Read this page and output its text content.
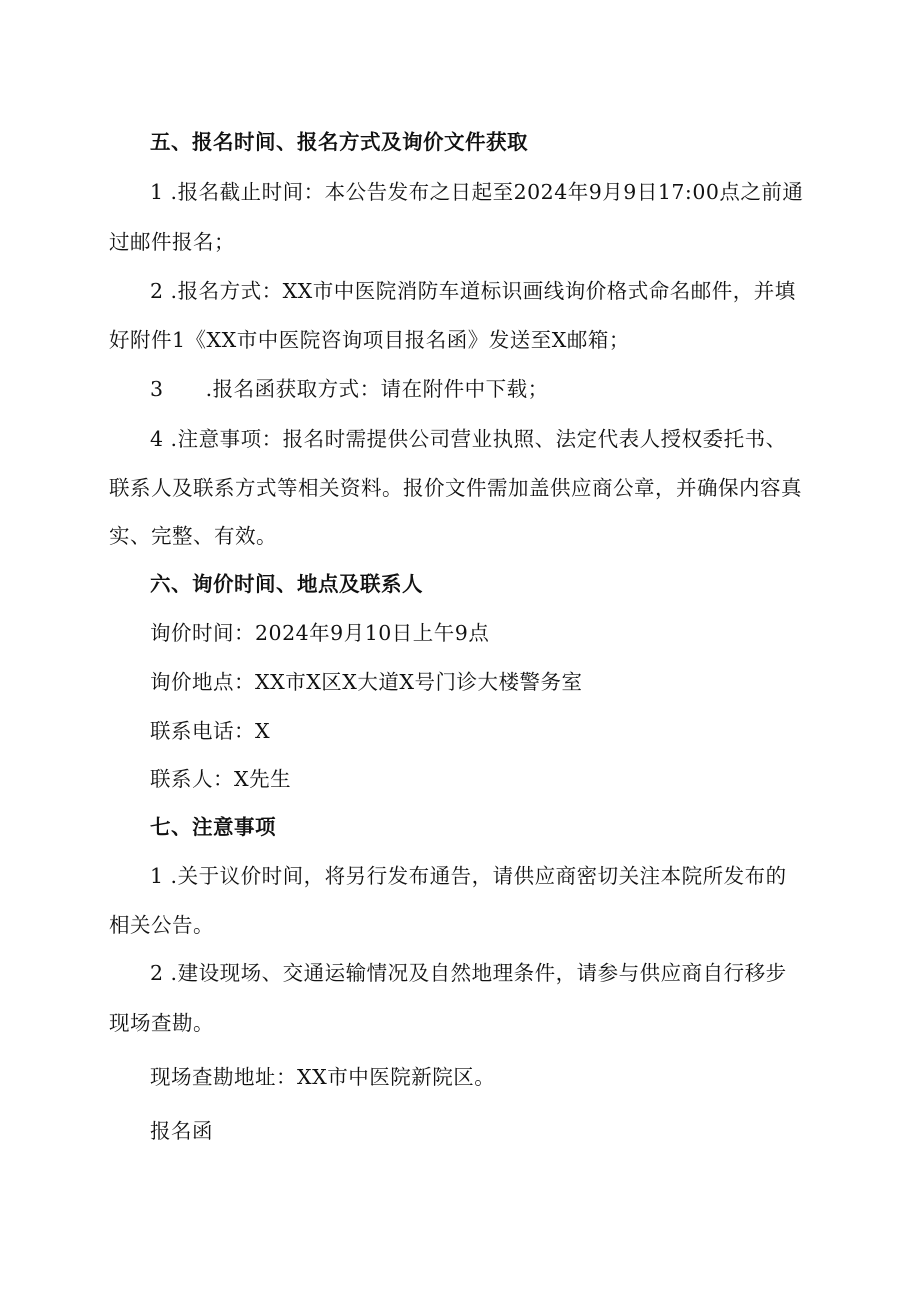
五、报名时间、报名方式及询价文件获取
1 .报名截止时间：本公告发布之日起至2024年9月9日17:00点之前通
过邮件报名；
2 .报名方式：XX市中医院消防车道标识画线询价格式命名邮件，并填
好附件1《XX市中医院咨询项目报名函》发送至X邮箱；
3      .报名函获取方式：请在附件中下载；
4 .注意事项：报名时需提供公司营业执照、法定代表人授权委托书、
联系人及联系方式等相关资料。报价文件需加盖供应商公章，并确保内容真
实、完整、有效。
六、询价时间、地点及联系人
询价时间：2024年9月10日上午9点
询价地点：XX市X区X大道X号门诊大楼警务室
联系电话：X
联系人：X先生
七、注意事项
1 .关于议价时间，将另行发布通告，请供应商密切关注本院所发布的
相关公告。
2 .建设现场、交通运输情况及自然地理条件，请参与供应商自行移步
现场查勘。
现场查勘地址：XX市中医院新院区。
报名函
